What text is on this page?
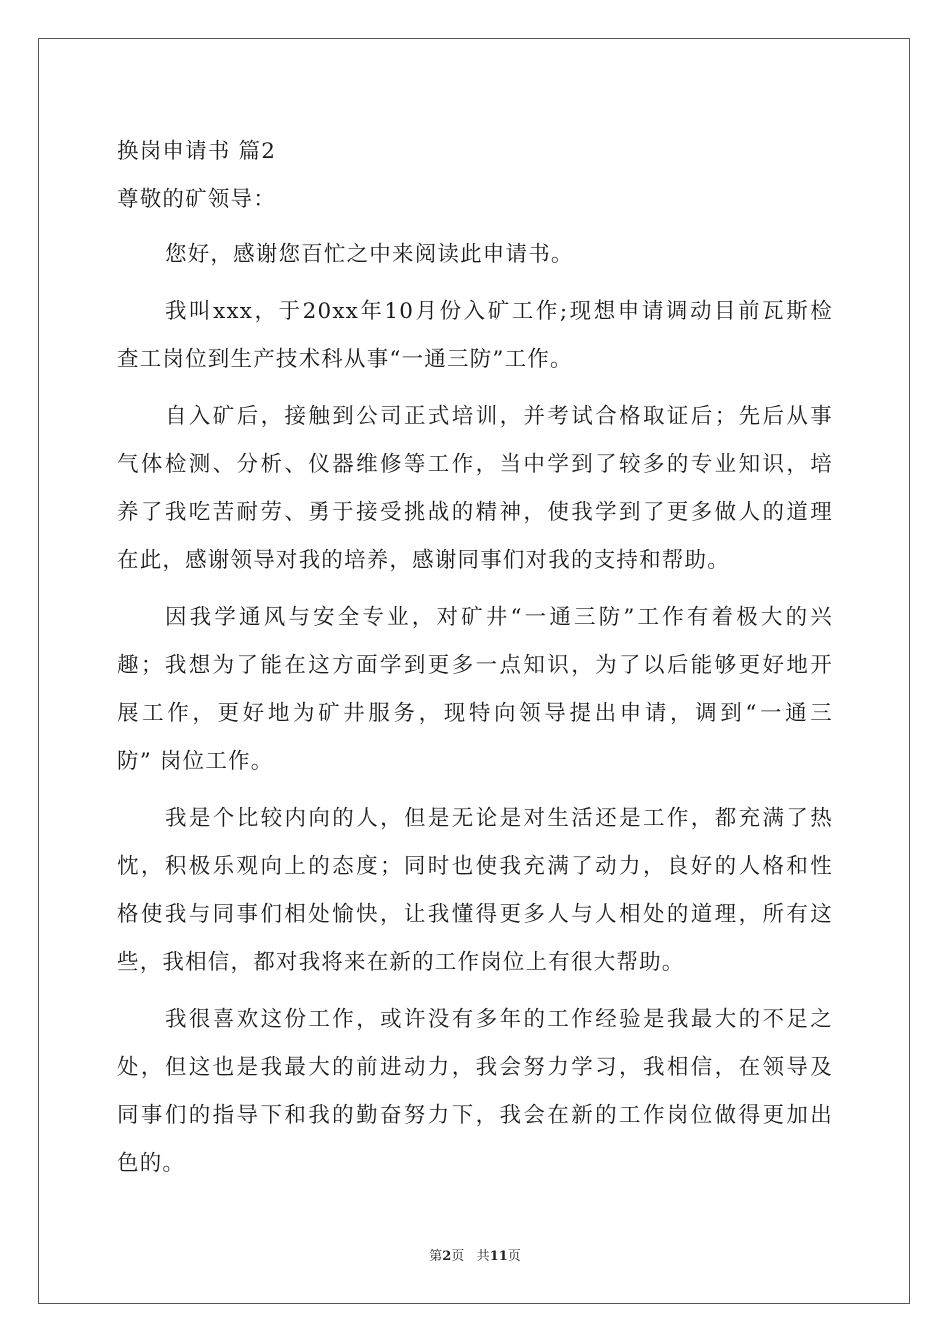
换岗申请书 篇2
尊敬的矿领导：
您好，感谢您百忙之中来阅读此申请书。
我叫xxx，于20xx年10月份入矿工作;现想申请调动目前瓦斯检
查工岗位到生产技术科从事“一通三防”工作。
自入矿后，接触到公司正式培训，并考试合格取证后；先后从事
气体检测、分析、仪器维修等工作，当中学到了较多的专业知识，培
养了我吃苦耐劳、勇于接受挑战的精神，使我学到了更多做人的道理
在此，感谢领导对我的培养，感谢同事们对我的支持和帮助。
因我学通风与安全专业，对矿井“一通三防”工作有着极大的兴
趣；我想为了能在这方面学到更多一点知识，为了以后能够更好地开
展工作，更好地为矿井服务，现特向领导提出申请，调到“一通三
防” 岗位工作。
我是个比较内向的人，但是无论是对生活还是工作，都充满了热
忱，积极乐观向上的态度；同时也使我充满了动力，良好的人格和性
格使我与同事们相处愉快，让我懂得更多人与人相处的道理，所有这
些，我相信，都对我将来在新的工作岗位上有很大帮助。
我很喜欢这份工作，或许没有多年的工作经验是我最大的不足之
处，但这也是我最大的前进动力，我会努力学习，我相信，在领导及
同事们的指导下和我的勤奋努力下，我会在新的工作岗位做得更加出
色的。
第2页 共11页
